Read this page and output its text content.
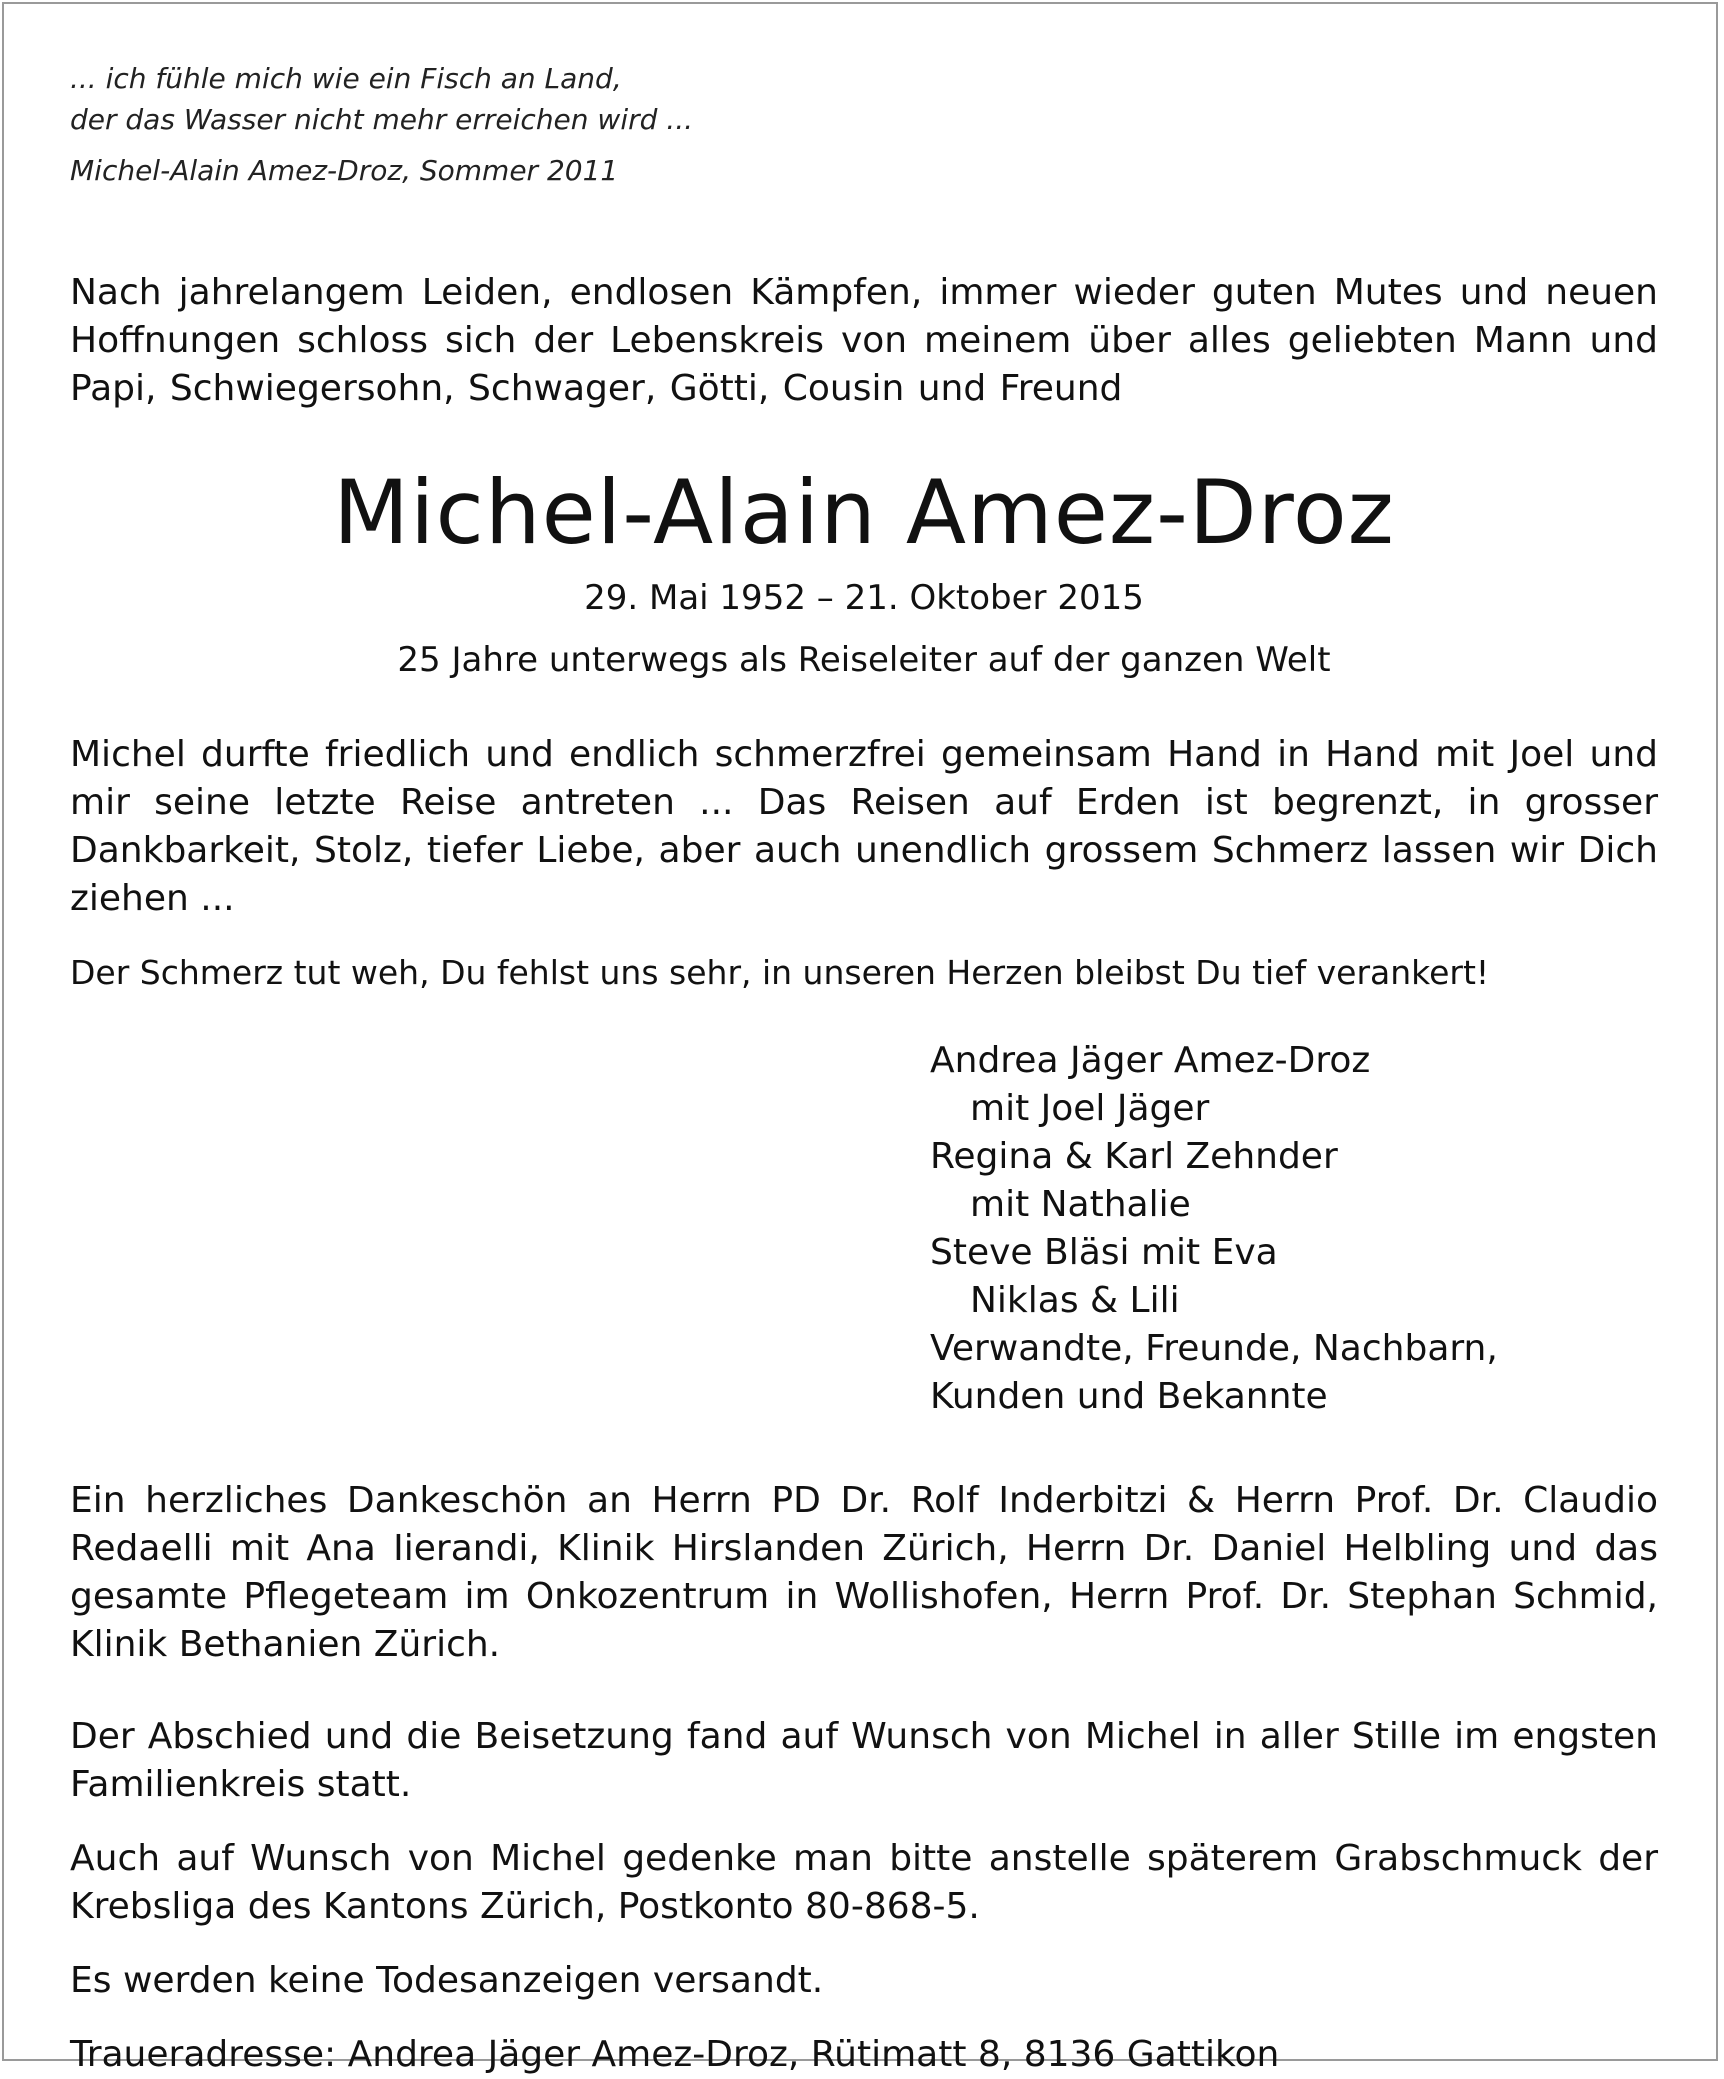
... ich fühle mich wie ein Fisch an Land,
der das Wasser nicht mehr erreichen wird ...
Michel-Alain Amez-Droz, Sommer 2011
Nach jahrelangem Leiden, endlosen Kämpfen, immer wieder guten Mutes und neuen Hoffnungen schloss sich der Lebenskreis von meinem über alles geliebten Mann und Papi, Schwiegersohn, Schwager, Götti, Cousin und Freund
Michel-Alain Amez-Droz
29. Mai 1952 – 21. Oktober 2015
25 Jahre unterwegs als Reiseleiter auf der ganzen Welt
Michel durfte friedlich und endlich schmerzfrei gemeinsam Hand in Hand mit Joel und mir seine letzte Reise antreten ... Das Reisen auf Erden ist begrenzt, in grosser Dankbarkeit, Stolz, tiefer Liebe, aber auch unendlich grossem Schmerz lassen wir Dich ziehen ...
Der Schmerz tut weh, Du fehlst uns sehr, in unseren Herzen bleibst Du tief verankert!
Andrea Jäger Amez-Droz
mit Joel Jäger
Regina & Karl Zehnder
mit Nathalie
Steve Bläsi mit Eva
Niklas & Lili
Verwandte, Freunde, Nachbarn,
Kunden und Bekannte
Ein herzliches Dankeschön an Herrn PD Dr. Rolf Inderbitzi & Herrn Prof. Dr. Claudio Redaelli mit Ana Iierandi, Klinik Hirslanden Zürich, Herrn Dr. Daniel Helbling und das gesamte Pflegeteam im Onkozentrum in Wollishofen, Herrn Prof. Dr. Stephan Schmid, Klinik Bethanien Zürich.
Der Abschied und die Beisetzung fand auf Wunsch von Michel in aller Stille im engsten Familienkreis statt.
Auch auf Wunsch von Michel gedenke man bitte anstelle späterem Grabschmuck der Krebsliga des Kantons Zürich, Postkonto 80-868-5.
Es werden keine Todesanzeigen versandt.
Traueradresse: Andrea Jäger Amez-Droz, Rütimatt 8, 8136 Gattikon
